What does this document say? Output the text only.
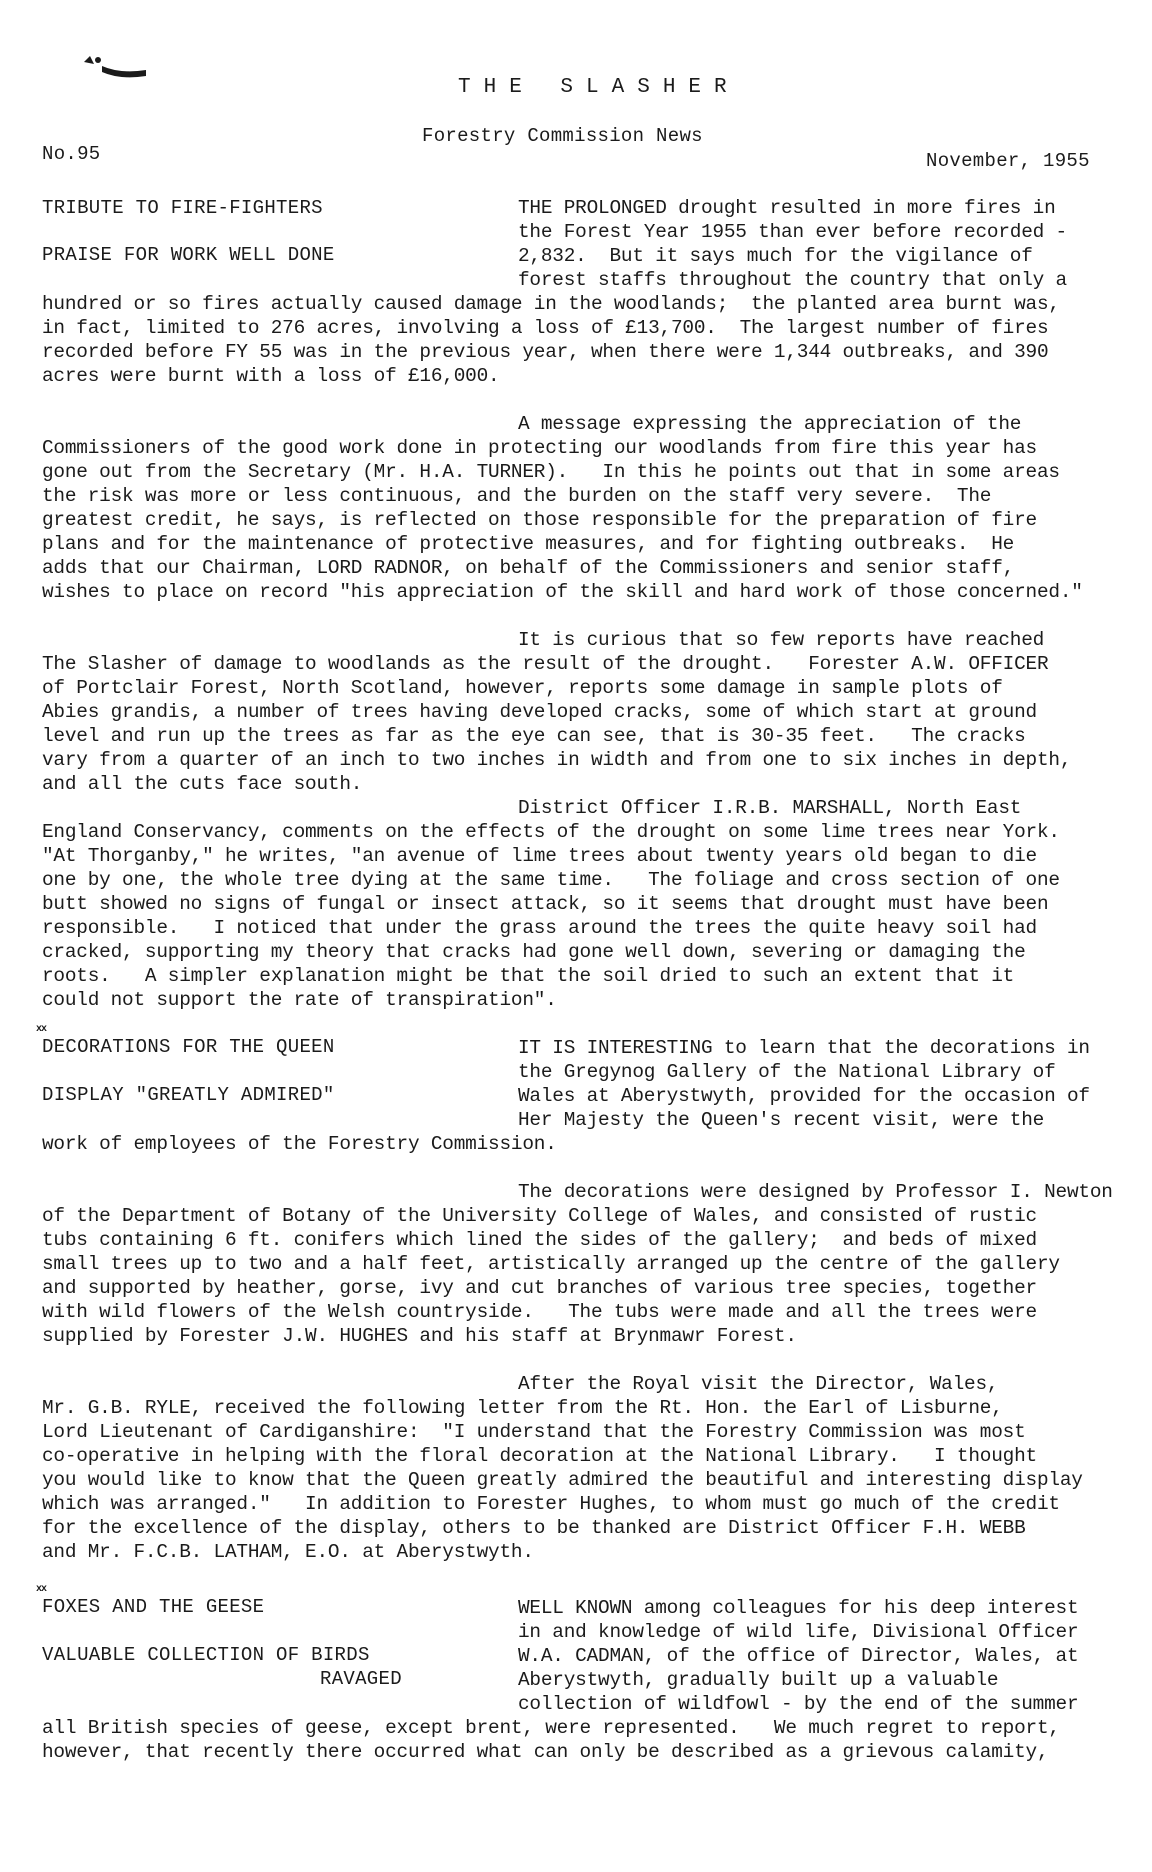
THE SLASHER
Forestry Commission News
No.95	November, 1955
TRIBUTE TO FIRE-FIGHTERS
PRAISE FOR WORK WELL DONE
THE PROLONGED drought resulted in more fires in
the Forest Year 1955 than ever before recorded -
2,832.  But it says much for the vigilance of
forest staffs throughout the country that only a
hundred or so fires actually caused damage in the woodlands;  the planted area burnt was,
in fact, limited to 276 acres, involving a loss of £13,700.  The largest number of fires
recorded before FY 55 was in the previous year, when there were 1,344 outbreaks, and 390
acres were burnt with a loss of £16,000.
A message expressing the appreciation of the
Commissioners of the good work done in protecting our woodlands from fire this year has
gone out from the Secretary (Mr. H.A. TURNER).   In this he points out that in some areas
the risk was more or less continuous, and the burden on the staff very severe.  The
greatest credit, he says, is reflected on those responsible for the preparation of fire
plans and for the maintenance of protective measures, and for fighting outbreaks.  He
adds that our Chairman, LORD RADNOR, on behalf of the Commissioners and senior staff,
wishes to place on record "his appreciation of the skill and hard work of those concerned."
It is curious that so few reports have reached
The Slasher of damage to woodlands as the result of the drought.   Forester A.W. OFFICER
of Portclair Forest, North Scotland, however, reports some damage in sample plots of
Abies grandis, a number of trees having developed cracks, some of which start at ground
level and run up the trees as far as the eye can see, that is 30-35 feet.   The cracks
vary from a quarter of an inch to two inches in width and from one to six inches in depth,
and all the cuts face south.
District Officer I.R.B. MARSHALL, North East
England Conservancy, comments on the effects of the drought on some lime trees near York.
"At Thorganby," he writes, "an avenue of lime trees about twenty years old began to die
one by one, the whole tree dying at the same time.   The foliage and cross section of one
butt showed no signs of fungal or insect attack, so it seems that drought must have been
responsible.   I noticed that under the grass around the trees the quite heavy soil had
cracked, supporting my theory that cracks had gone well down, severing or damaging the
roots.   A simpler explanation might be that the soil dried to such an extent that it
could not support the rate of transpiration".
xx
DECORATIONS FOR THE QUEEN
DISPLAY "GREATLY ADMIRED"
IT IS INTERESTING to learn that the decorations in
the Gregynog Gallery of the National Library of
Wales at Aberystwyth, provided for the occasion of
Her Majesty the Queen's recent visit, were the
work of employees of the Forestry Commission.
The decorations were designed by Professor I. Newton
of the Department of Botany of the University College of Wales, and consisted of rustic
tubs containing 6 ft. conifers which lined the sides of the gallery;  and beds of mixed
small trees up to two and a half feet, artistically arranged up the centre of the gallery
and supported by heather, gorse, ivy and cut branches of various tree species, together
with wild flowers of the Welsh countryside.   The tubs were made and all the trees were
supplied by Forester J.W. HUGHES and his staff at Brynmawr Forest.
After the Royal visit the Director, Wales,
Mr. G.B. RYLE, received the following letter from the Rt. Hon. the Earl of Lisburne,
Lord Lieutenant of Cardiganshire:  "I understand that the Forestry Commission was most
co-operative in helping with the floral decoration at the National Library.   I thought
you would like to know that the Queen greatly admired the beautiful and interesting display
which was arranged."   In addition to Forester Hughes, to whom must go much of the credit
for the excellence of the display, others to be thanked are District Officer F.H. WEBB
and Mr. F.C.B. LATHAM, E.O. at Aberystwyth.
xx
FOXES AND THE GEESE
VALUABLE COLLECTION OF BIRDS
RAVAGED
WELL KNOWN among colleagues for his deep interest
in and knowledge of wild life, Divisional Officer
W.A. CADMAN, of the office of Director, Wales, at
Aberystwyth, gradually built up a valuable
collection of wildfowl - by the end of the summer
all British species of geese, except brent, were represented.   We much regret to report,
however, that recently there occurred what can only be described as a grievous calamity,
